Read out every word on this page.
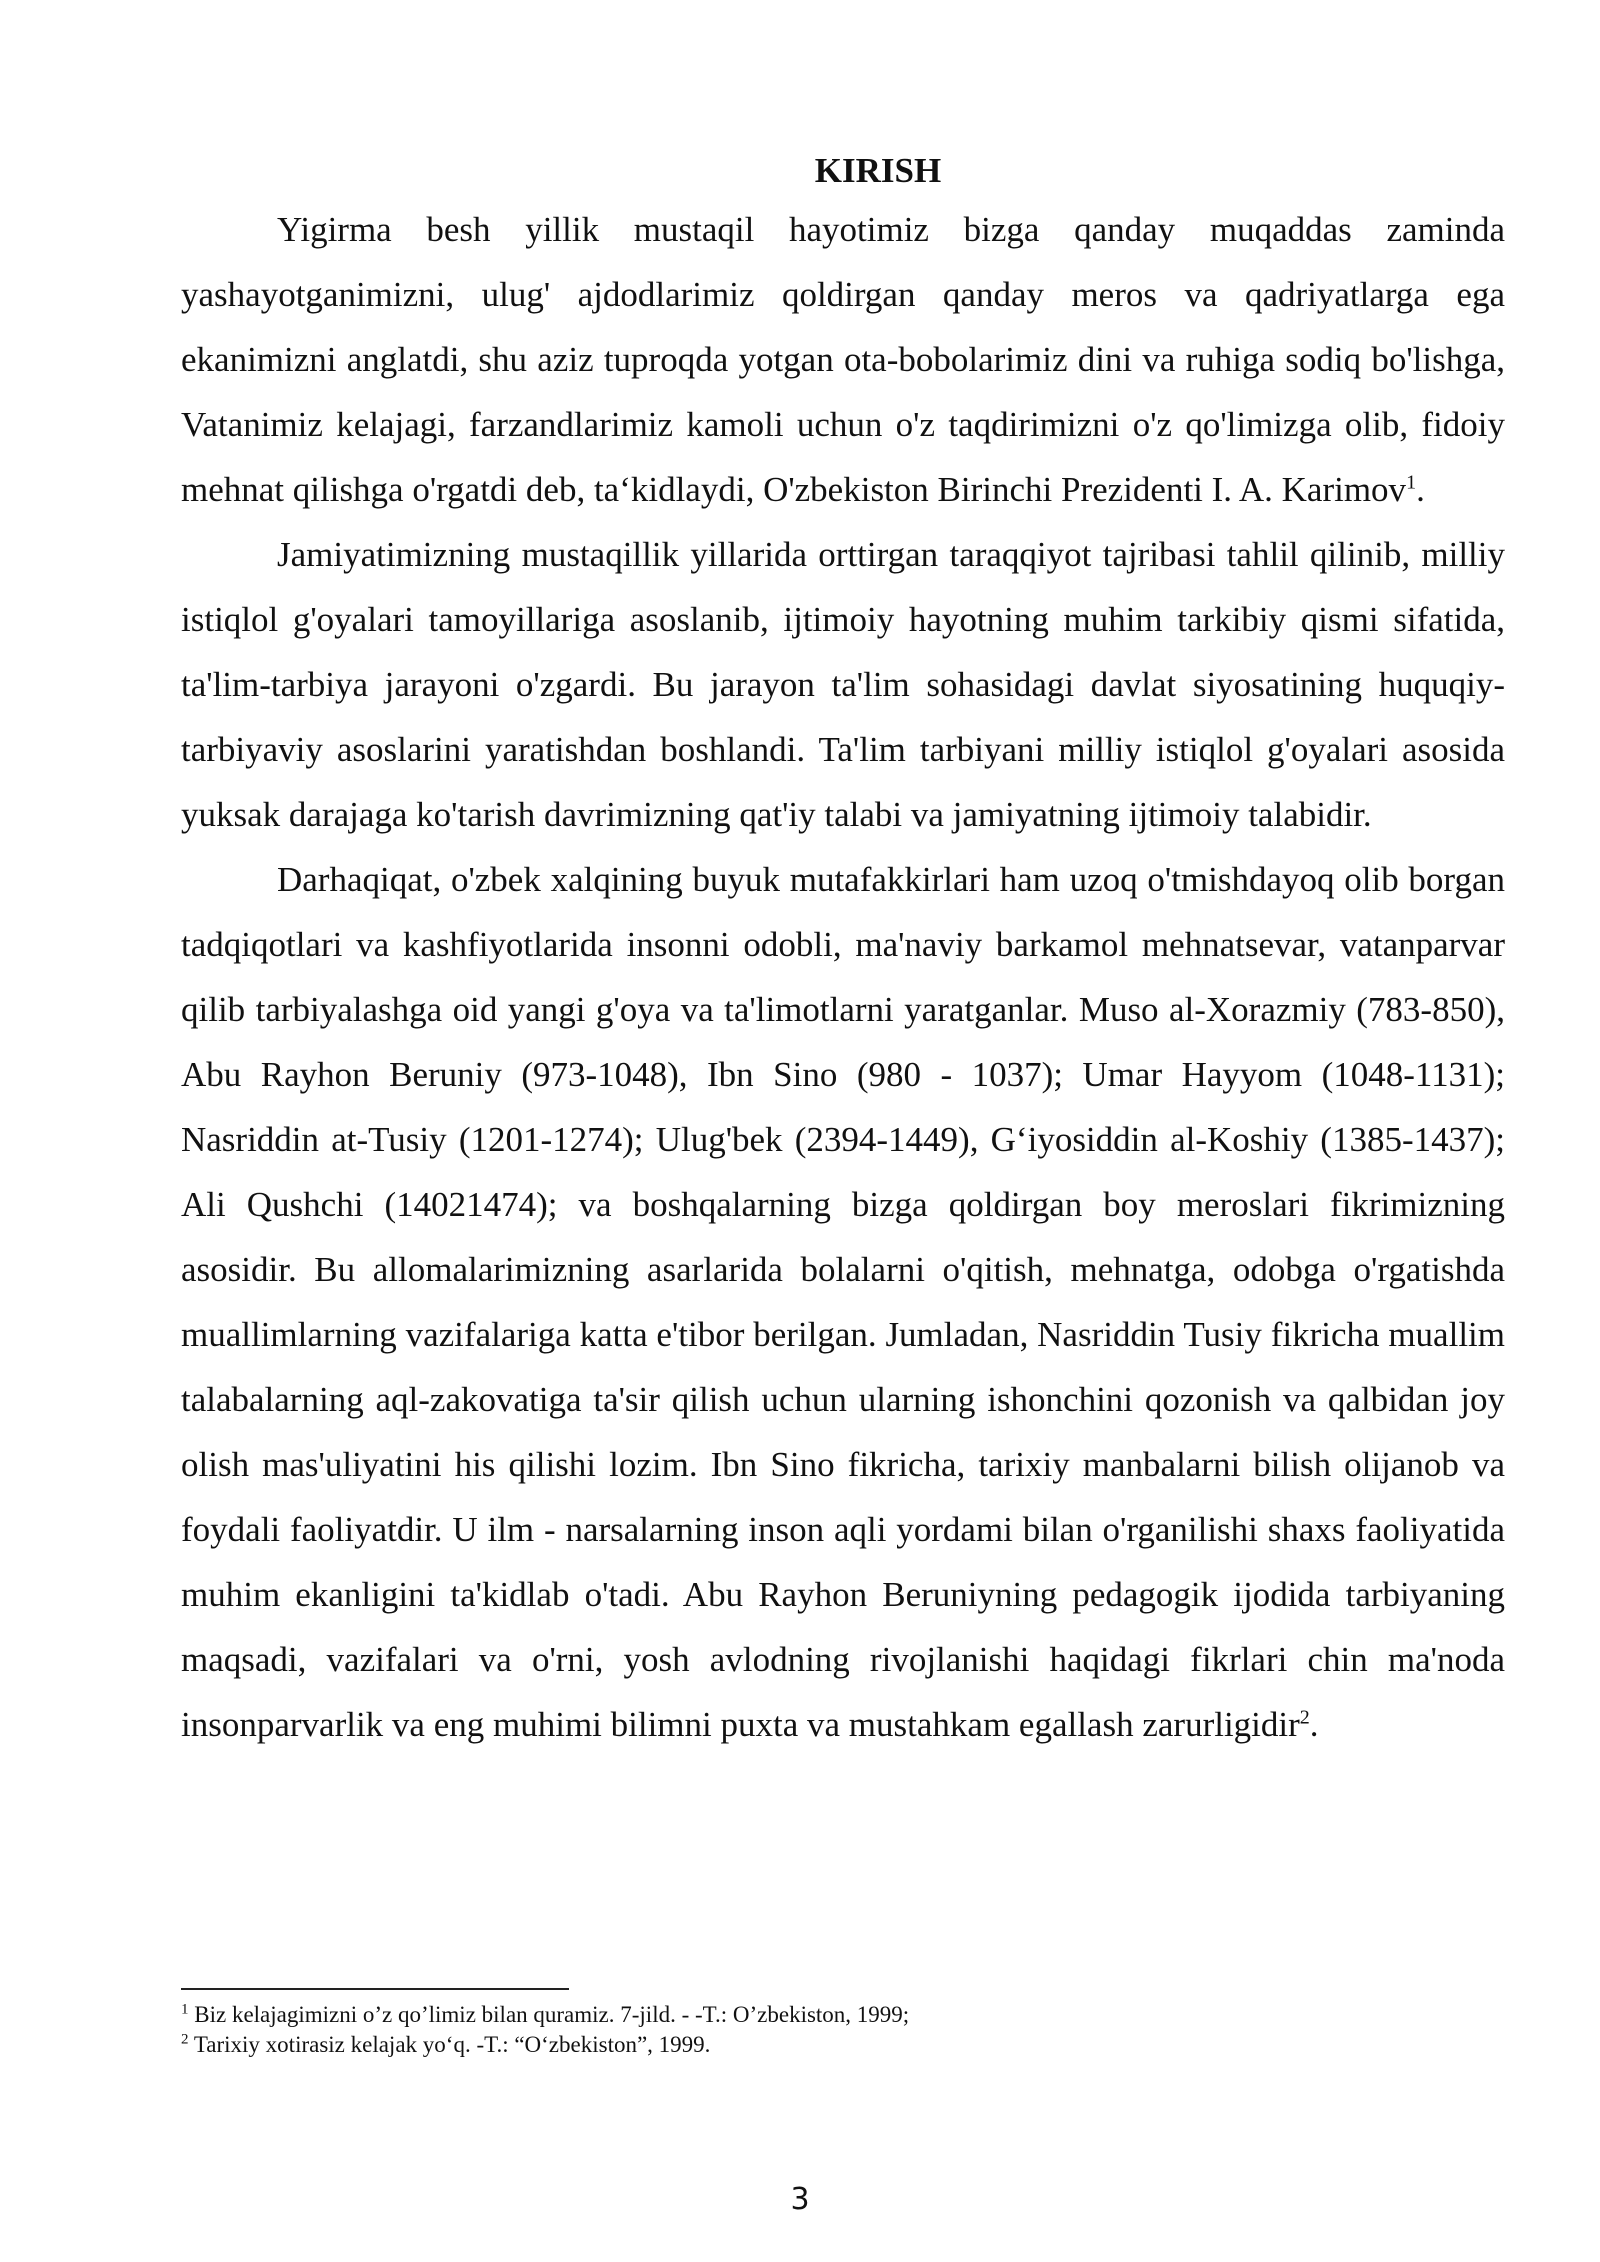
KIRISH

Yigirma besh yillik mustaqil hayotimiz bizga qanday muqaddas zaminda yashayotganimizni, ulug' ajdodlarimiz qoldirgan qanday meros va qadriyatlarga ega ekanimizni anglatdi, shu aziz tuproqda yotgan ota-bobolarimiz dini va ruhiga sodiq bo'lishga, Vatanimiz kelajagi, farzandlarimiz kamoli uchun o'z taqdirimizni o'z qo'limizga olib, fidoiy mehnat qilishga o'rgatdi deb, ta‘kidlaydi, O'zbekiston Birinchi Prezidenti I. A. Karimov$^1$.

Jamiyatimizning mustaqillik yillarida orttirgan taraqqiyot tajribasi tahlil qilinib, milliy istiqlol g'oyalari tamoyillariga asoslanib, ijtimoiy hayotning muhim tarkibiy qismi sifatida, ta'lim-tarbiya jarayoni o'zgardi. Bu jarayon ta'lim sohasidagi davlat siyosatining huquqiy-tarbiyaviy asoslarini yaratishdan boshlandi. Ta'lim tarbiyani milliy istiqlol g'oyalari asosida yuksak darajaga ko'tarish davrimizning qat'iy talabi va jamiyatning ijtimoiy talabidir.

Darhaqiqat, o'zbek xalqining buyuk mutafakkirlari ham uzoq o'tmishdayoq olib borgan tadqiqotlari va kashfiyotlarida insonni odobli, ma'naviy barkamol mehnatsevar, vatanparvar qilib tarbiyalashga oid yangi g'oya va ta'limotlarni yaratganlar. Muso al-Xorazmiy (783-850), Abu Rayhon Beruniy (973-1048), Ibn Sino (980 - 1037); Umar Hayyom (1048-1131); Nasriddin at-Tusiy (1201-1274); Ulug'bek (2394-1449), G‘iyosiddin al-Koshiy (1385-1437); Ali Qushchi (14021474); va boshqalarning bizga qoldirgan boy meroslari fikrimizning asosidir. Bu allomalarimizning asarlarida bolalarni o'qitish, mehnatga, odobga o'rgatishda muallimlarning vazifalariga katta e'tibor berilgan. Jumladan, Nasriddin Tusiy fikricha muallim talabalarning aql-zakovatiga ta'sir qilish uchun ularning ishonchini qozonish va qalbidan joy olish mas'uliyatini his qilishi lozim. Ibn Sino fikricha, tarixiy manbalarni bilish olijanob va foydali faoliyatdir. U ilm - narsalarning inson aqli yordami bilan o'rganilishi shaxs faoliyatida muhim ekanligini ta'kidlab o'tadi. Abu Rayhon Beruniyning pedagogik ijodida tarbiyaning maqsadi, vazifalari va o'rni, yosh avlodning rivojlanishi haqidagi fikrlari chin ma'noda insonparvarlik va eng muhimi bilimni puxta va mustahkam egallash zarurligidir$^2$.

$^1$ Biz kelajagimizni o’z qo’limiz bilan quramiz. 7-jild. - -T.: O’zbekiston, 1999;

$^2$ Tarixiy xotirasiz kelajak yo‘q. -T.: “O‘zbekiston”, 1999.

3
